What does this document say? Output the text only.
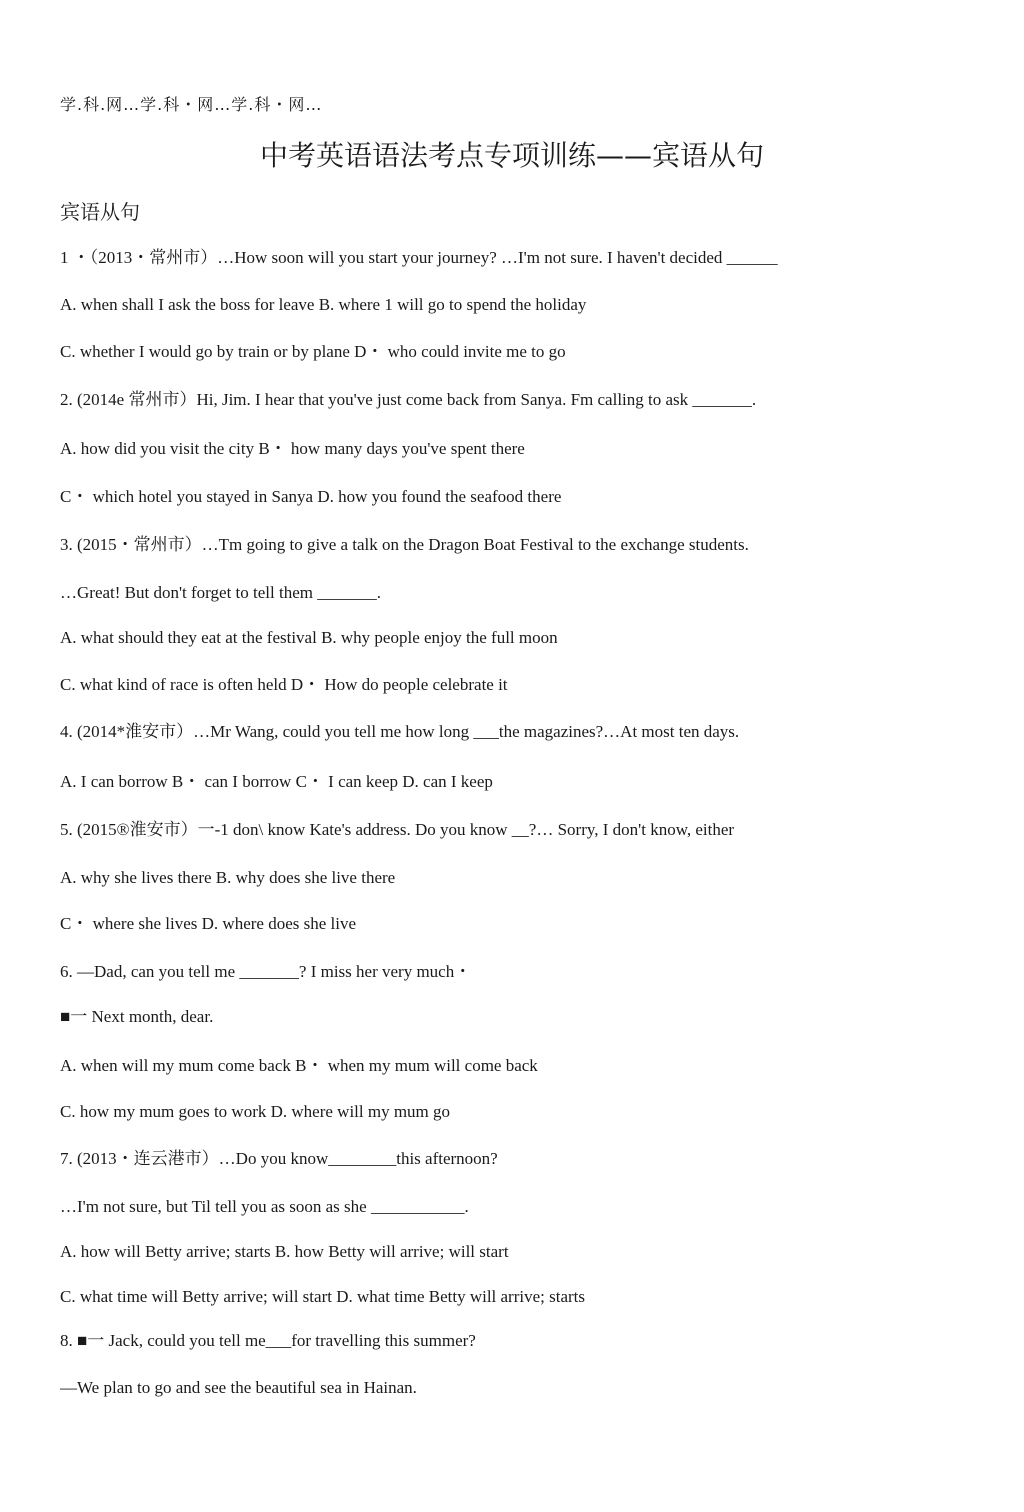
学.科.网…学.科・网…学.科・网…
中考英语语法考点专项训练——宾语从句
宾语从句
1 ・（2013・常州市）…How soon will you start your journey? …I'm not sure. I haven't decided ______
A. when shall I ask the boss for leave B. where 1 will go to spend the holiday
C. whether I would go by train or by plane D・ who could invite me to go
2. (2014e 常州市）Hi, Jim. I hear that you've just come back from Sanya. Fm calling to ask _______.
A. how did you visit the city B・ how many days you've spent there
C・ which hotel you stayed in Sanya D. how you found the seafood there
3. (2015・常州市）…Tm going to give a talk on the Dragon Boat Festival to the exchange students.
…Great! But don't forget to tell them _______.
A. what should they eat at the festival B. why people enjoy the full moon
C. what kind of race is often held D・ How do people celebrate it
4. (2014*淮安市）…Mr Wang, could you tell me how long ___the magazines?…At most ten days.
A. I can borrow B・ can I borrow C・ I can keep D. can I keep
5. (2015®淮安市）一-1 don\ know Kate's address. Do you know __?… Sorry, I don't know, either
A. why she lives there B. why does she live there
C・ where she lives D. where does she live
6. —Dad, can you tell me _______? I miss her very much・
■一 Next month, dear.
A. when will my mum come back B・ when my mum will come back
C. how my mum goes to work D. where will my mum go
7. (2013・连云港市）…Do you know________this afternoon?
…I'm not sure, but Til tell you as soon as she ___________.
A. how will Betty arrive; starts B. how Betty will arrive; will start
C. what time will Betty arrive; will start D. what time Betty will arrive; starts
8. ■一 Jack, could you tell me___for travelling this summer?
—We plan to go and see the beautiful sea in Hainan.
